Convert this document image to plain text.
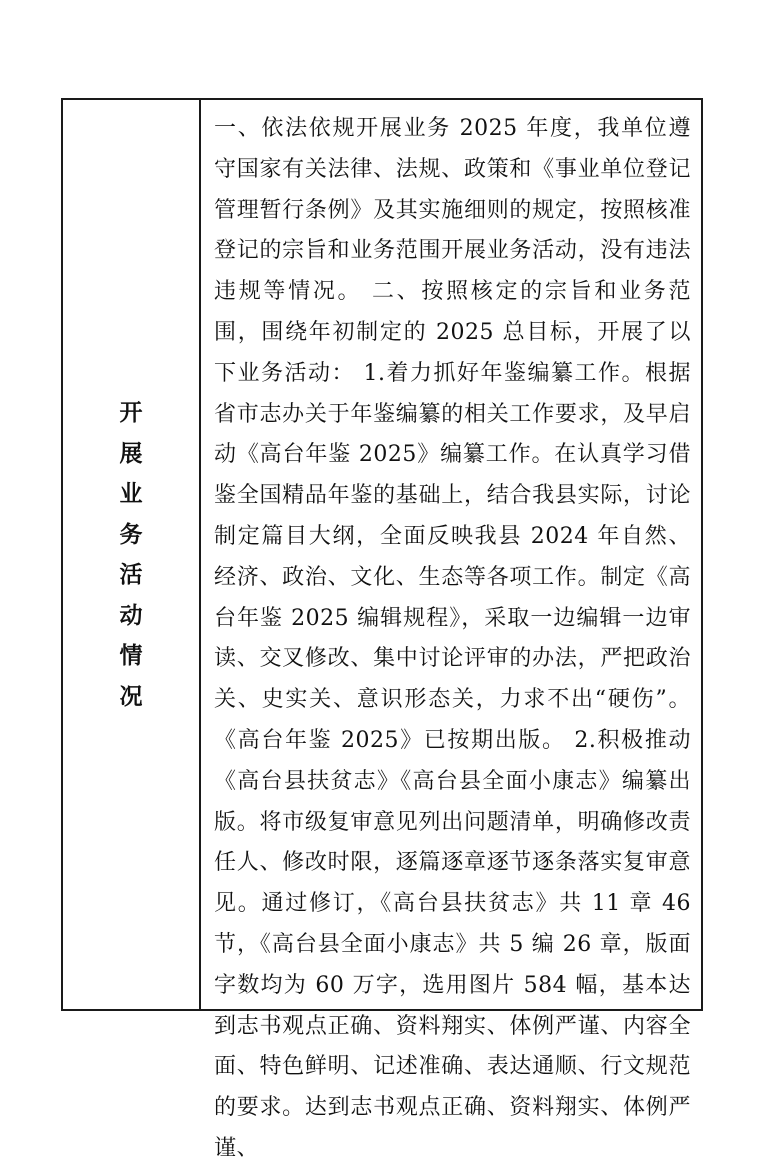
开
展
业
务
活
动
情
况

一、依法依规开展业务 2025 年度，我单位遵守国家有关法律、法规、政策和《事业单位登记管理暂行条例》及其实施细则的规定，按照核准登记的宗旨和业务范围开展业务活动，没有违法违规等情况。 二、按照核定的宗旨和业务范围，围绕年初制定的 2025 总目标，开展了以下业务活动： 1.着力抓好年鉴编纂工作。根据省市志办关于年鉴编纂的相关工作要求，及早启动《高台年鉴 2025》编纂工作。在认真学习借鉴全国精品年鉴的基础上，结合我县实际，讨论制定篇目大纲，全面反映我县 2024 年自然、经济、政治、文化、生态等各项工作。制定《高台年鉴 2025 编辑规程》，采取一边编辑一边审读、交叉修改、集中讨论评审的办法，严把政治关、史实关、意识形态关，力求不出“硬伤”。《高台年鉴 2025》已按期出版。 2.积极推动《高台县扶贫志》《高台县全面小康志》编纂出版。将市级复审意见列出问题清单，明确修改责任人、修改时限，逐篇逐章逐节逐条落实复审意见。通过修订，《高台县扶贫志》共 11 章 46 节，《高台县全面小康志》共 5 编 26 章，版面字数均为 60 万字，选用图片 584 幅，基本达到志书观点正确、资料翔实、体例严谨、内容全面、特色鲜明、记述准确、表达通顺、行文规范的要求。达到志书观点正确、资料翔实、体例严谨、
